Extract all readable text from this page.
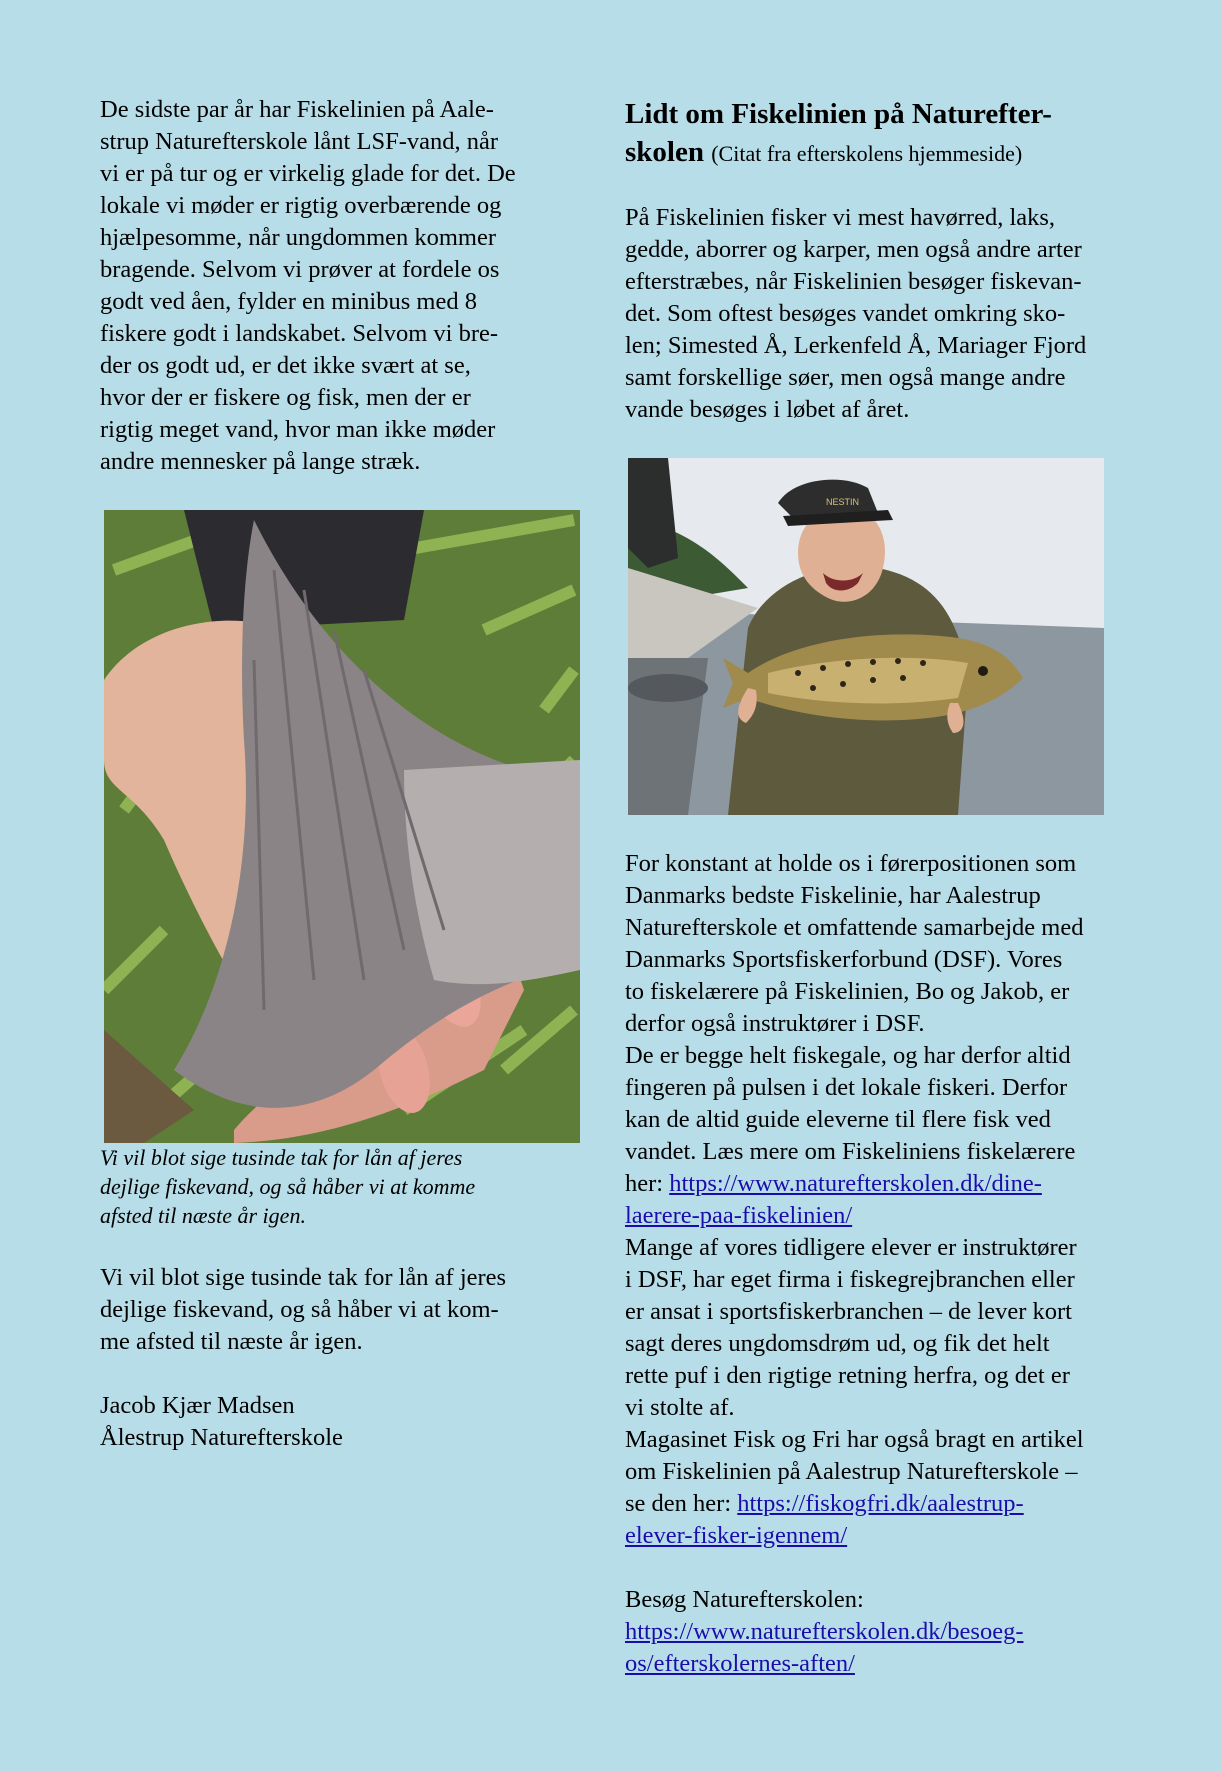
De sidste par år har Fiskelinien på Aale-
strup Naturefterskole lånt LSF-vand, når
vi er på tur og er virkelig glade for det. De
lokale vi møder er rigtig overbærende og
hjælpesomme, når ungdommen kommer
bragende. Selvom vi prøver at fordele os
godt ved åen, fylder en minibus med 8
fiskere godt i landskabet. Selvom vi bre-
der os godt ud, er det ikke svært at se,
hvor der er fiskere og fisk, men der er
rigtig meget vand, hvor man ikke møder
andre mennesker på lange stræk.

Vi vil blot sige tusinde tak for lån af jeres
dejlige fiskevand, og så håber vi at komme
afsted til næste år igen.

Vi vil blot sige tusinde tak for lån af jeres
dejlige fiskevand, og så håber vi at kom-
me afsted til næste år igen.

Jacob Kjær Madsen
Ålestrup Naturefterskole

Lidt om Fiskelinien på Naturefter-
skolen (Citat fra efterskolens hjemmeside)

På Fiskelinien fisker vi mest havørred, laks,
gedde, aborrer og karper, men også andre arter
efterstræbes, når Fiskelinien besøger fiskevan-
det. Som oftest besøges vandet omkring sko-
len; Simested Å, Lerkenfeld Å, Mariager Fjord
samt forskellige søer, men også mange andre
vande besøges i løbet af året.

NESTIN

For konstant at holde os i førerpositionen som
Danmarks bedste Fiskelinie, har Aalestrup
Naturefterskole et omfattende samarbejde med
Danmarks Sportsfiskerforbund (DSF). Vores
to fiskelærere på Fiskelinien, Bo og Jakob, er
derfor også instruktører i DSF.

De er begge helt fiskegale, og har derfor altid
fingeren på pulsen i det lokale fiskeri. Derfor
kan de altid guide eleverne til flere fisk ved
vandet. Læs mere om Fiskeliniens fiskelærere
her: https://www.naturefterskolen.dk/dine-
laerere-paa-fiskelinien/

Mange af vores tidligere elever er instruktører
i DSF, har eget firma i fiskegrejbranchen eller
er ansat i sportsfiskerbranchen – de lever kort
sagt deres ungdomsdrøm ud, og fik det helt
rette puf i den rigtige retning herfra, og det er
vi stolte af.

Magasinet Fisk og Fri har også bragt en artikel
om Fiskelinien på Aalestrup Naturefterskole –
se den her: https://fiskogfri.dk/aalestrup-
elever-fisker-igennem/

Besøg Naturefterskolen:
https://www.naturefterskolen.dk/besoeg-
os/efterskolernes-aften/
